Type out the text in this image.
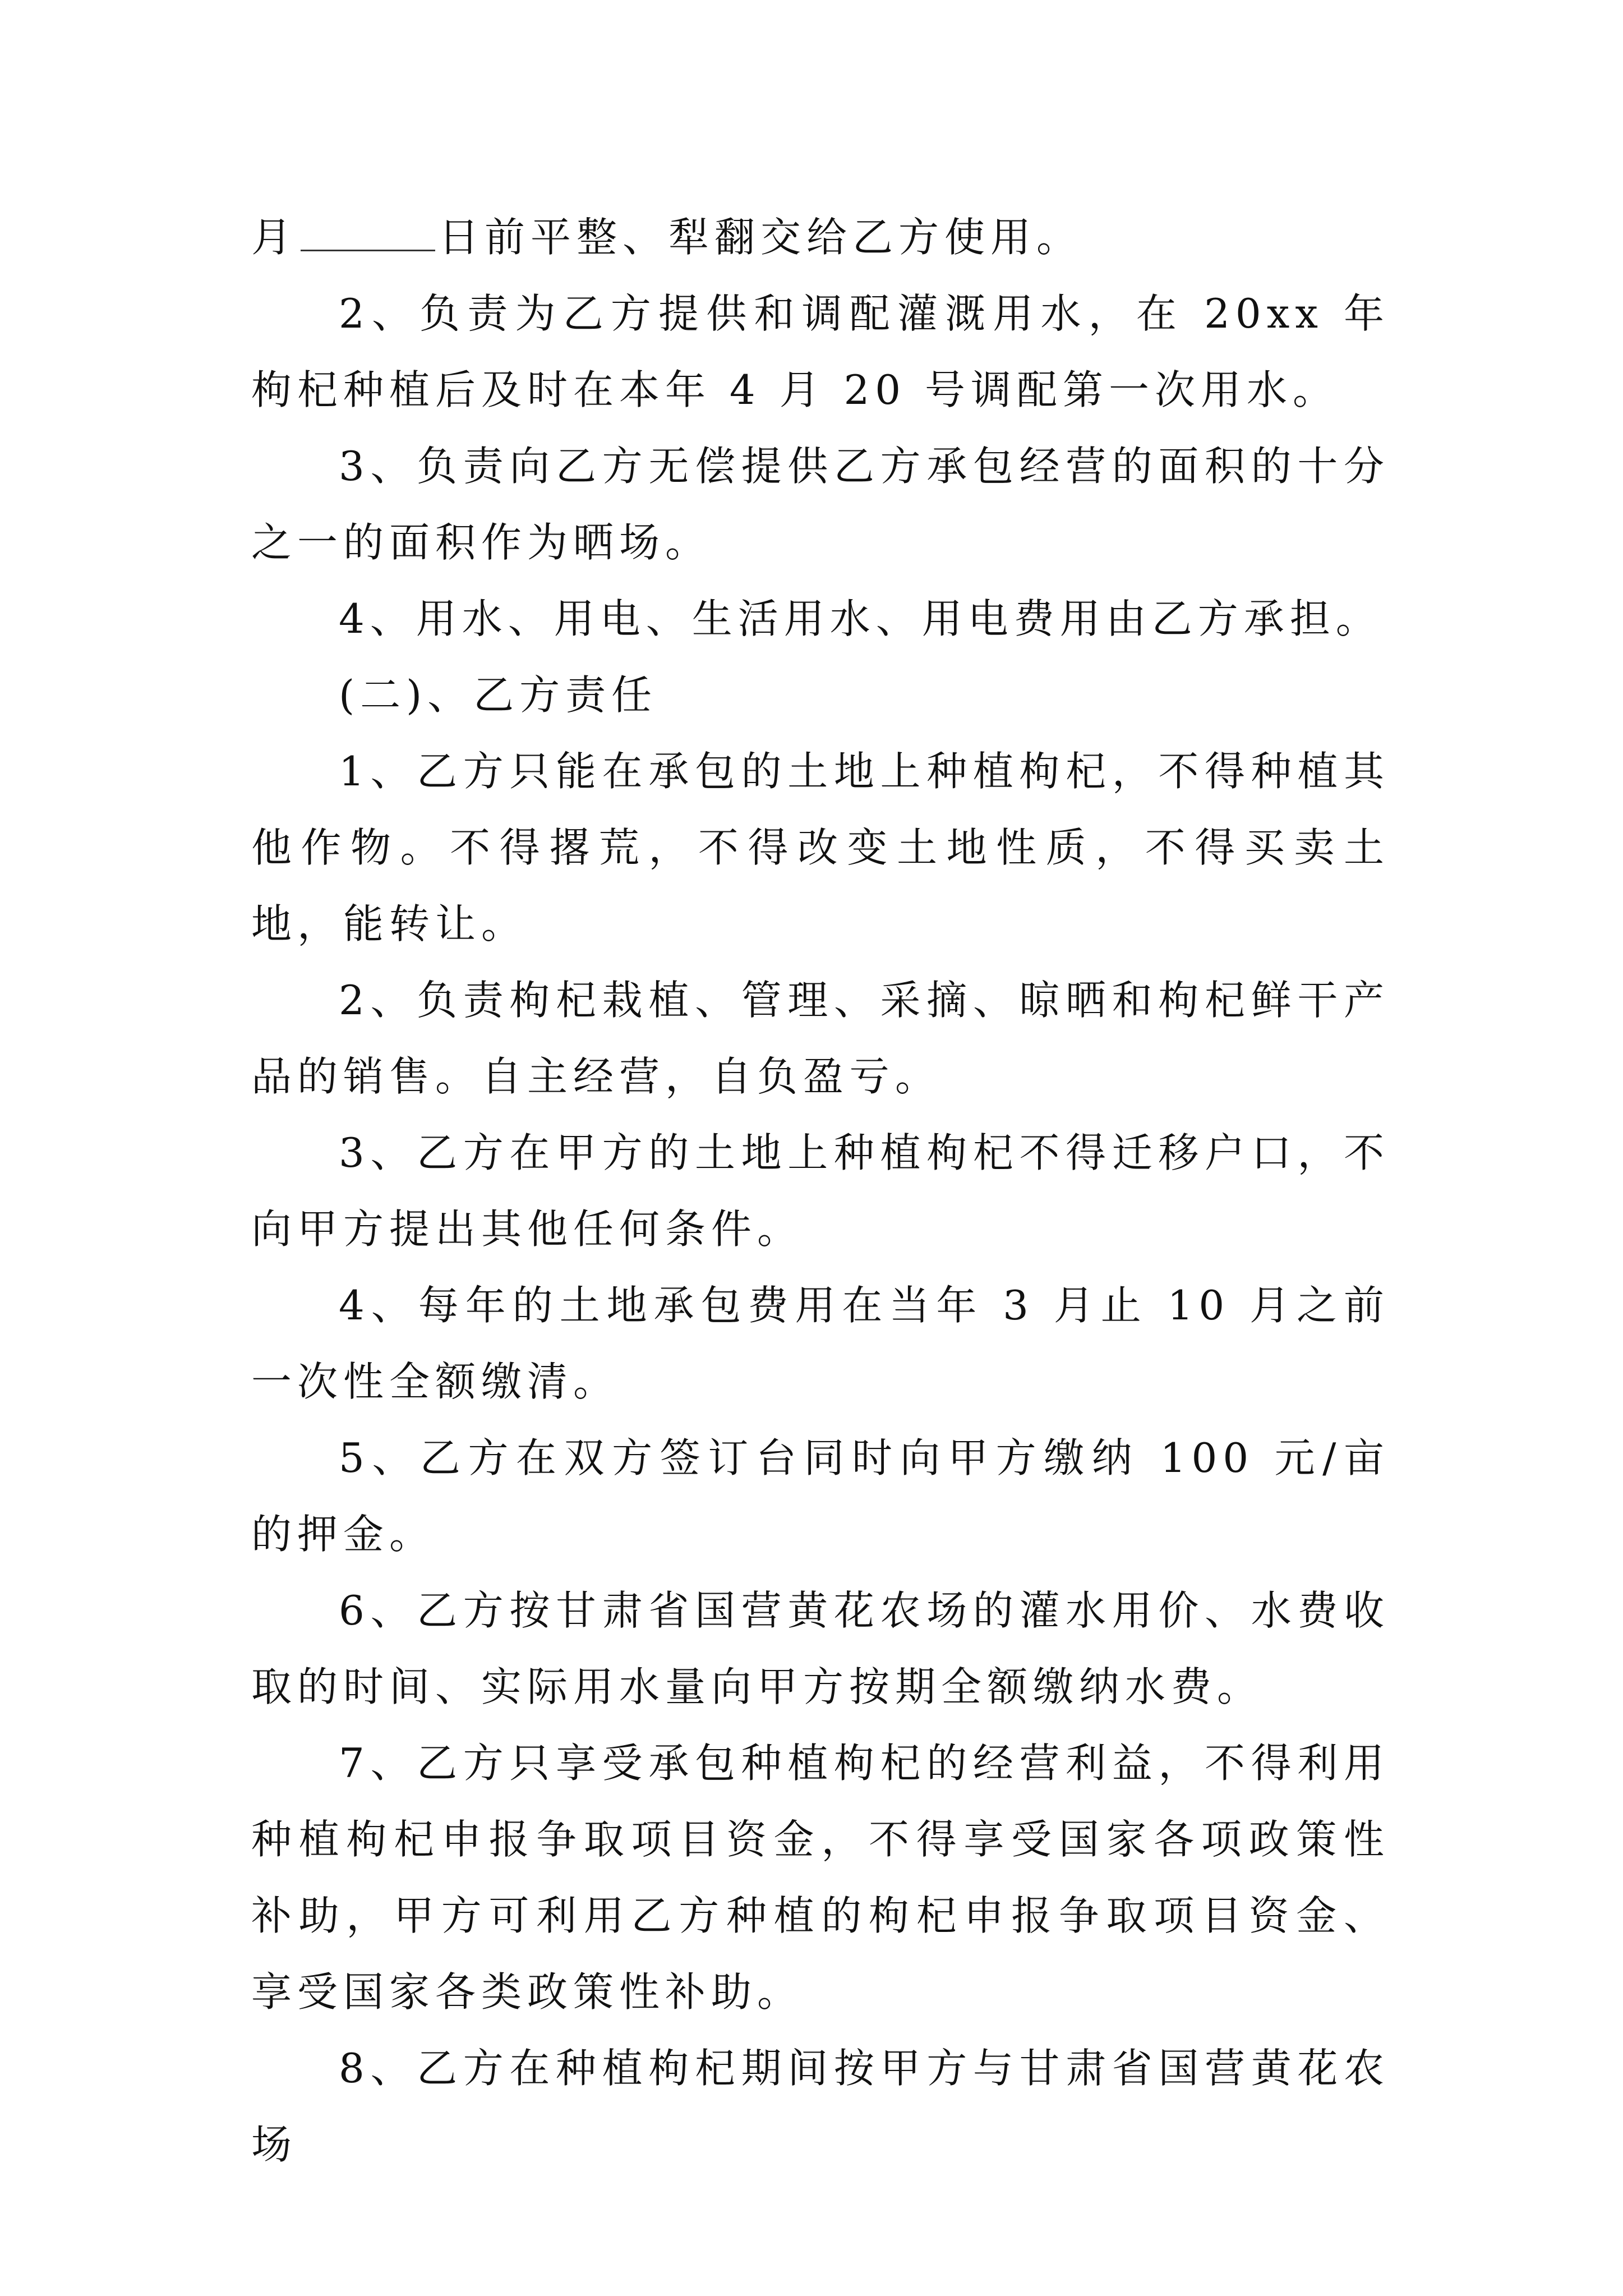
月	日前平整、犁翻交给乙方使用。

2、负责为乙方提供和调配灌溉用水，在 20xx 年枸杞种植后及时在本年 4 月 20 号调配第一次用水。

3、负责向乙方无偿提供乙方承包经营的面积的十分之一的面积作为晒场。

4、用水、用电、生活用水、用电费用由乙方承担。

(二)、乙方责任

1、乙方只能在承包的土地上种植枸杞，不得种植其他作物。不得撂荒，不得改变土地性质，不得买卖土地，能转让。

2、负责枸杞栽植、管理、采摘、晾晒和枸杞鲜干产品的销售。自主经营，自负盈亏。

3、乙方在甲方的土地上种植枸杞不得迁移户口，不向甲方提出其他任何条件。

4、每年的土地承包费用在当年 3 月止 10 月之前一次性全额缴清。

5、乙方在双方签订台同时向甲方缴纳 100 元/亩的押金。

6、乙方按甘肃省国营黄花农场的灌水用价、水费收取的时间、实际用水量向甲方按期全额缴纳水费。

7、乙方只享受承包种植枸杞的经营利益，不得利用种植枸杞申报争取项目资金，不得享受国家各项政策性补助，甲方可利用乙方种植的枸杞申报争取项目资金、享受国家各类政策性补助。

8、乙方在种植枸杞期间按甲方与甘肃省国营黄花农场
